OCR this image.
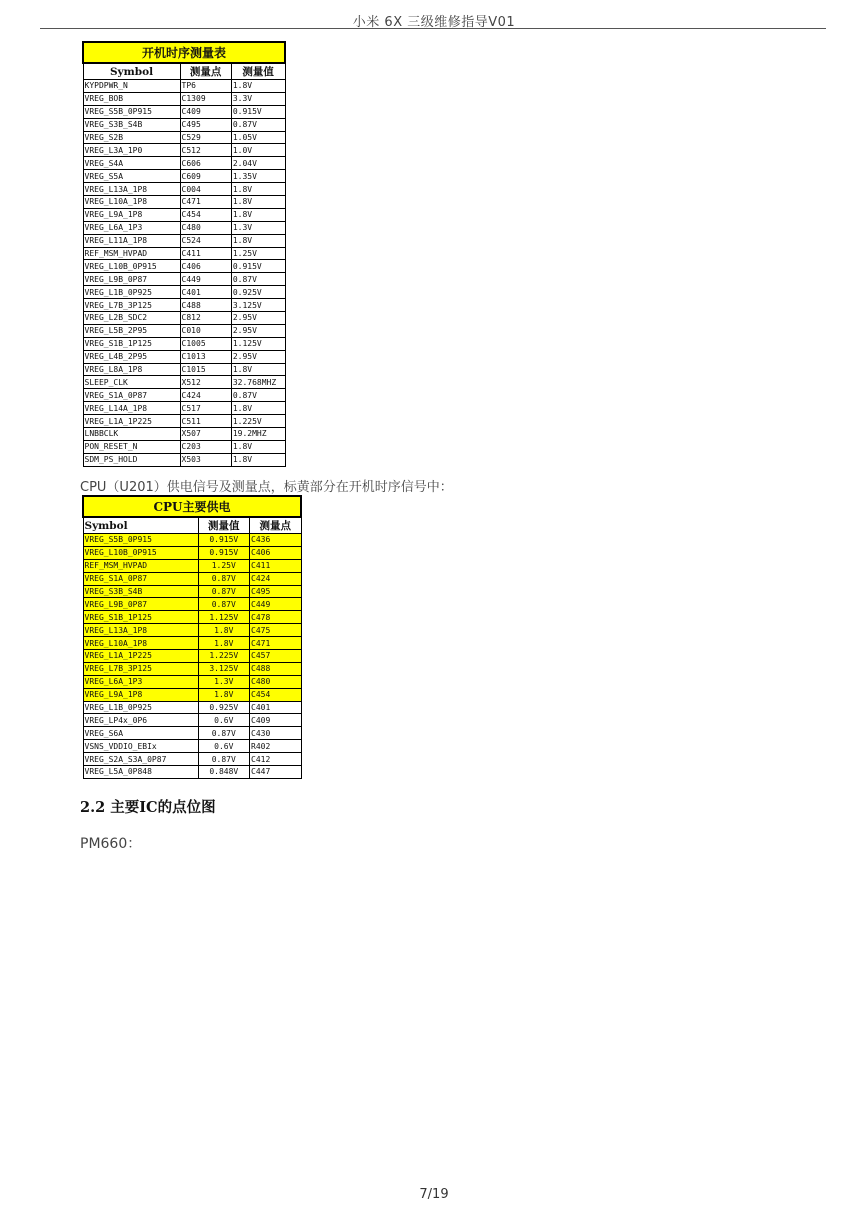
小米 6X 三级维修指导V01
开机时序测量表		
Symbol	测量点	测量值
KYPDPWR_N	TP6	1.8V
VREG_BOB	C1309	3.3V
VREG_S5B_0P915	C409	0.915V
VREG_S3B_S4B	C495	0.87V
VREG_S2B	C529	1.05V
VREG_L3A_1P0	C512	1.0V
VREG_S4A	C606	2.04V
VREG_S5A	C609	1.35V
VREG_L13A_1P8	C004	1.8V
VREG_L10A_1P8	C471	1.8V
VREG_L9A_1P8	C454	1.8V
VREG_L6A_1P3	C480	1.3V
VREG_L11A_1P8	C524	1.8V
REF_MSM_HVPAD	C411	1.25V
VREG_L10B_0P915	C406	0.915V
VREG_L9B_0P87	C449	0.87V
VREG_L1B_0P925	C401	0.925V
VREG_L7B_3P125	C488	3.125V
VREG_L2B_SDC2	C812	2.95V
VREG_L5B_2P95	C010	2.95V
VREG_S1B_1P125	C1005	1.125V
VREG_L4B_2P95	C1013	2.95V
VREG_L8A_1P8	C1015	1.8V
SLEEP_CLK	X512	32.768MHZ
VREG_S1A_0P87	C424	0.87V
VREG_L14A_1P8	C517	1.8V
VREG_L1A_1P225	C511	1.225V
LNBBCLK	X507	19.2MHZ
PON_RESET_N	C203	1.8V
SDM_PS_HOLD	X503	1.8V
CPU（U201）供电信号及测量点，标黄部分在开机时序信号中：
CPU主要供电		
Symbol	测量值	测量点
VREG_S5B_0P915	0.915V	C436
VREG_L10B_0P915	0.915V	C406
REF_MSM_HVPAD	1.25V	C411
VREG_S1A_0P87	0.87V	C424
VREG_S3B_S4B	0.87V	C495
VREG_L9B_0P87	0.87V	C449
VREG_S1B_1P125	1.125V	C478
VREG_L13A_1P8	1.8V	C475
VREG_L10A_1P8	1.8V	C471
VREG_L1A_1P225	1.225V	C457
VREG_L7B_3P125	3.125V	C488
VREG_L6A_1P3	1.3V	C480
VREG_L9A_1P8	1.8V	C454
VREG_L1B_0P925	0.925V	C401
VREG_LP4x_0P6	0.6V	C409
VREG_S6A	0.87V	C430
VSNS_VDDIO_EBIx	0.6V	R402
VREG_S2A_S3A_0P87	0.87V	C412
VREG_L5A_0P848	0.848V	C447
2.2 主要IC的点位图
PM660：
7/19
